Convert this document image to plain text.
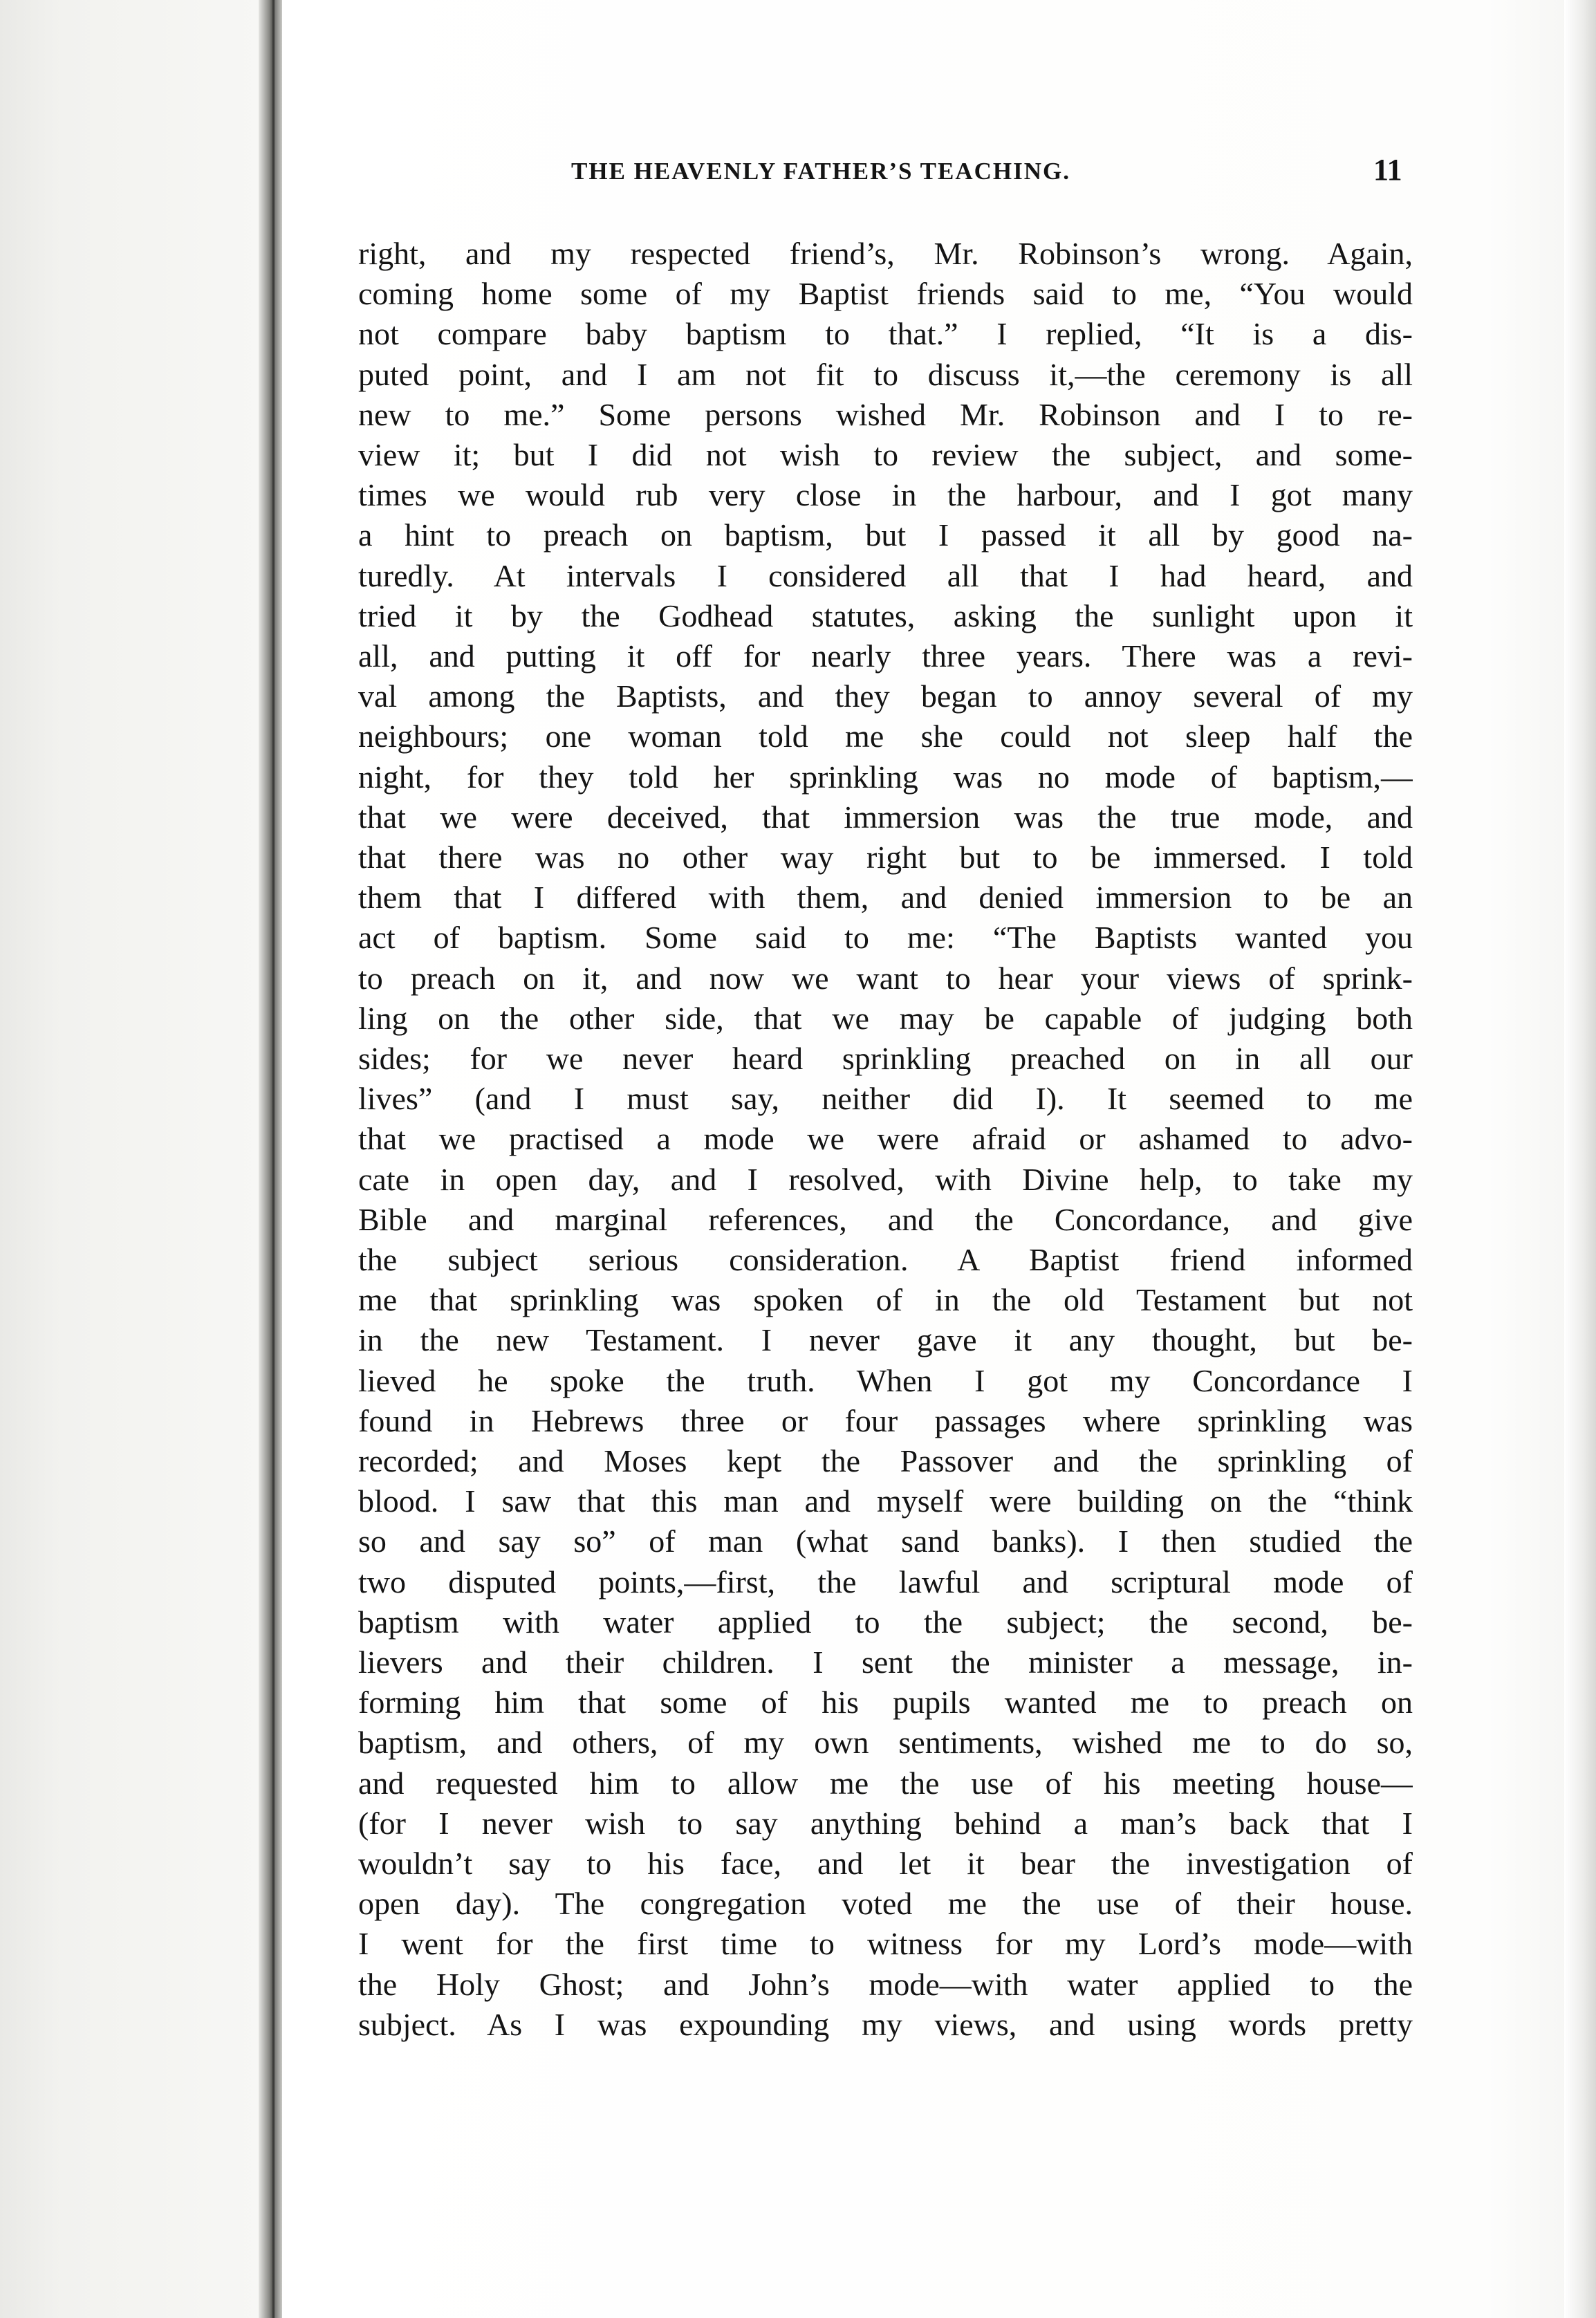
THE HEAVENLY FATHER’S TEACHING.	11
right, and my respected friend’s, Mr. Robinson’s wrong. Again,
coming home some of my Baptist friends said to me, “You would
not compare baby baptism to that.” I replied, “It is a dis-
puted point, and I am not fit to discuss it,—the ceremony is all
new to me.” Some persons wished Mr. Robinson and I to re-
view it; but I did not wish to review the subject, and some-
times we would rub very close in the harbour, and I got many
a hint to preach on baptism, but I passed it all by good na-
turedly. At intervals I considered all that I had heard, and
tried it by the Godhead statutes, asking the sunlight upon it
all, and putting it off for nearly three years. There was a revi-
val among the Baptists, and they began to annoy several of my
neighbours; one woman told me she could not sleep half the
night, for they told her sprinkling was no mode of baptism,—
that we were deceived, that immersion was the true mode, and
that there was no other way right but to be immersed. I told
them that I differed with them, and denied immersion to be an
act of baptism. Some said to me: “The Baptists wanted you
to preach on it, and now we want to hear your views of sprink-
ling on the other side, that we may be capable of judging both
sides; for we never heard sprinkling preached on in all our
lives” (and I must say, neither did I). It seemed to me
that we practised a mode we were afraid or ashamed to advo-
cate in open day, and I resolved, with Divine help, to take my
Bible and marginal references, and the Concordance, and give
the subject serious consideration. A Baptist friend informed
me that sprinkling was spoken of in the old Testament but not
in the new Testament. I never gave it any thought, but be-
lieved he spoke the truth. When I got my Concordance I
found in Hebrews three or four passages where sprinkling was
recorded; and Moses kept the Passover and the sprinkling of
blood. I saw that this man and myself were building on the “think
so and say so” of man (what sand banks). I then studied the
two disputed points,—first, the lawful and scriptural mode of
baptism with water applied to the subject; the second, be-
lievers and their children. I sent the minister a message, in-
forming him that some of his pupils wanted me to preach on
baptism, and others, of my own sentiments, wished me to do so,
and requested him to allow me the use of his meeting house—
(for I never wish to say anything behind a man’s back that I
wouldn’t say to his face, and let it bear the investigation of
open day). The congregation voted me the use of their house.
I went for the first time to witness for my Lord’s mode—with
the Holy Ghost; and John’s mode—with water applied to the
subject. As I was expounding my views, and using words pretty
